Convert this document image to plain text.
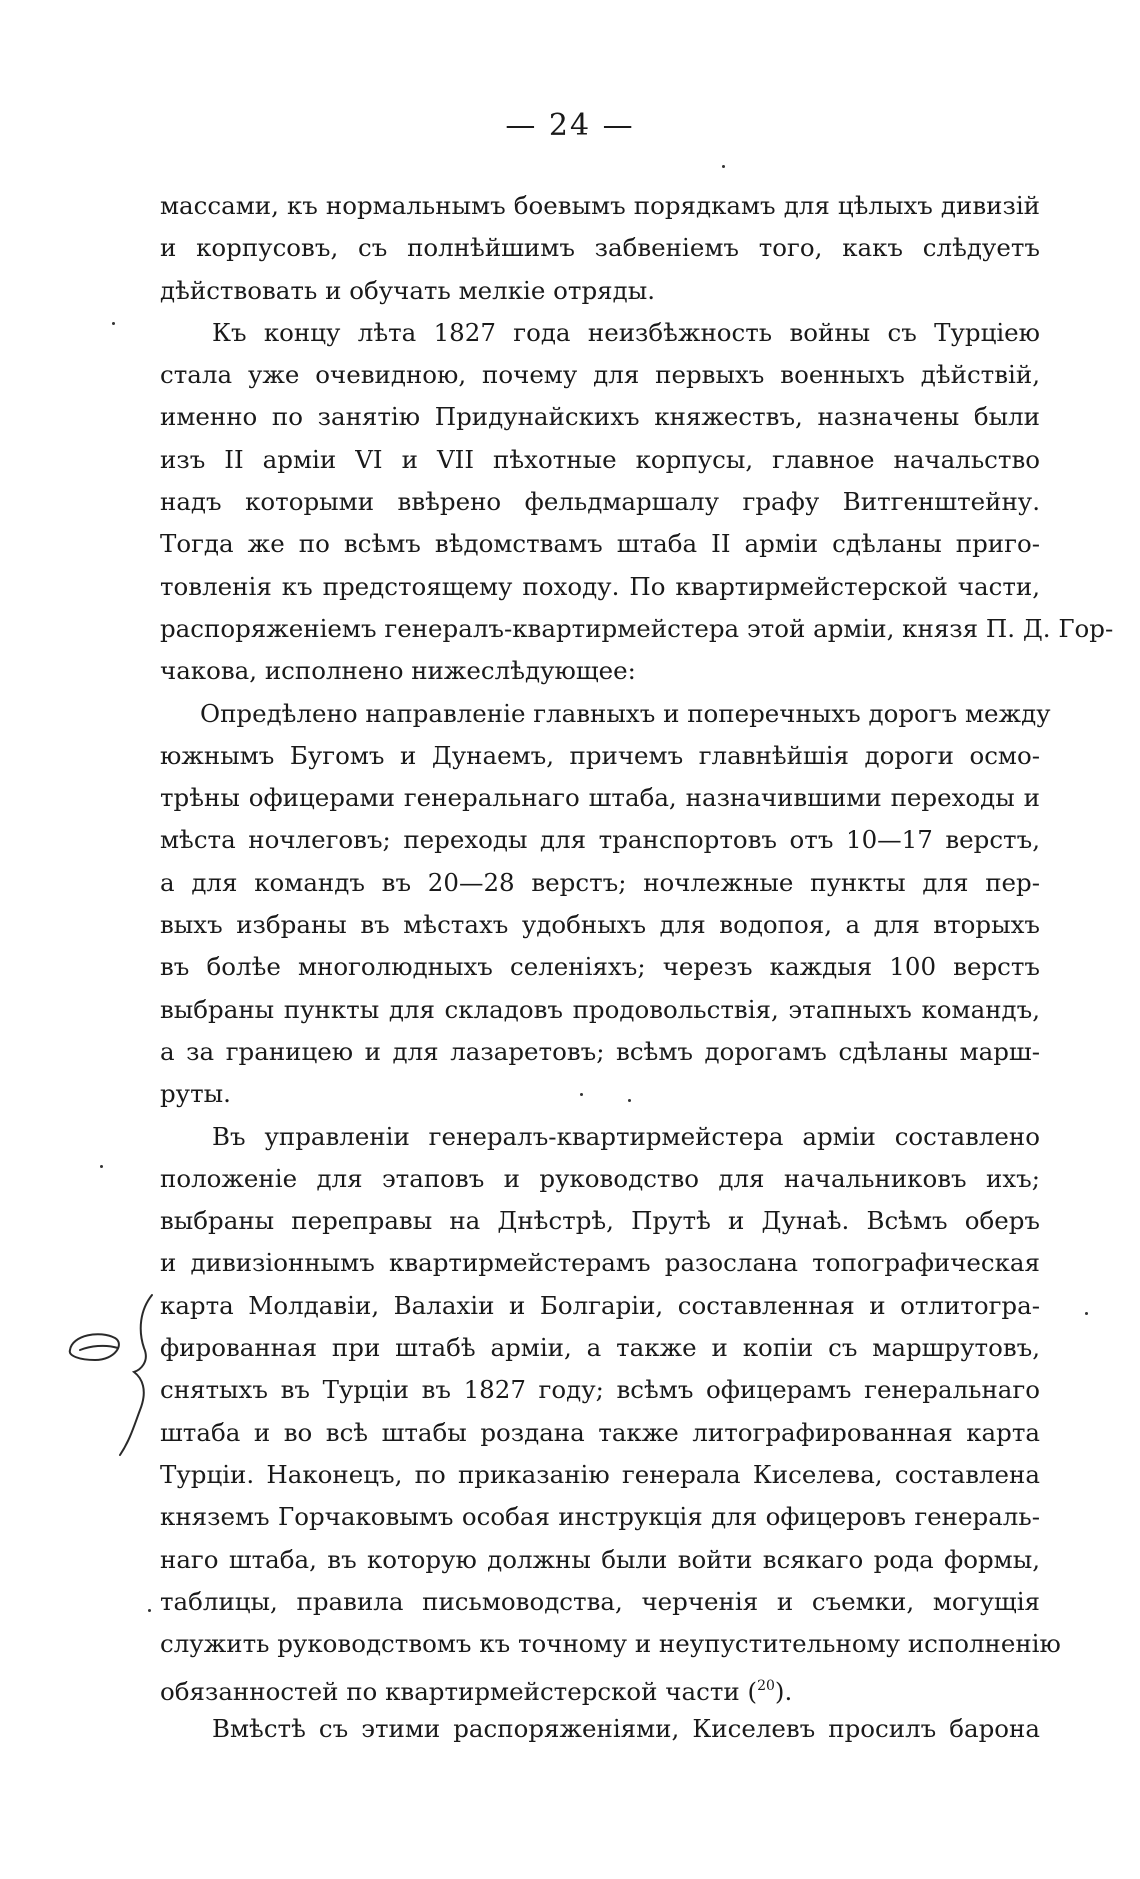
— 24 —
массами, къ нормальнымъ боевымъ порядкамъ для цѣлыхъ дивизій
и корпусовъ, съ полнѣйшимъ забвеніемъ того, какъ слѣдуетъ
дѣйствовать и обучать мелкіе отряды.
Къ концу лѣта 1827 года неизбѣжность войны съ Турціею
стала уже очевидною, почему для первыхъ военныхъ дѣйствій,
именно по занятію Придунайскихъ княжествъ, назначены были
изъ II арміи VI и VII пѣхотные корпусы, главное начальство
надъ которыми ввѣрено фельдмаршалу графу Витгенштейну.
Тогда же по всѣмъ вѣдомствамъ штаба II арміи сдѣланы приго-
товленія къ предстоящему походу. По квартирмейстерской части,
распоряженіемъ генералъ-квартирмейстера этой арміи, князя П. Д. Гор-
чакова, исполнено нижеслѣдующее:
Опредѣлено направленіе главныхъ и поперечныхъ дорогъ между
южнымъ Бугомъ и Дунаемъ, причемъ главнѣйшія дороги осмо-
трѣны офицерами генеральнаго штаба, назначившими переходы и
мѣста ночлеговъ; переходы для транспортовъ отъ 10—17 верстъ,
а для командъ въ 20—28 верстъ; ночлежные пункты для пер-
выхъ избраны въ мѣстахъ удобныхъ для водопоя, а для вторыхъ
въ болѣе многолюдныхъ селеніяхъ; черезъ каждыя 100 верстъ
выбраны пункты для складовъ продовольствія, этапныхъ командъ,
а за границею и для лазаретовъ; всѣмъ дорогамъ сдѣланы марш-
руты.
Въ управленіи генералъ-квартирмейстера арміи составлено
положеніе для этаповъ и руководство для начальниковъ ихъ;
выбраны переправы на Днѣстрѣ, Прутѣ и Дунаѣ. Всѣмъ оберъ
и дивизіоннымъ квартирмейстерамъ разослана топографическая
карта Молдавіи, Валахіи и Болгаріи, составленная и отлитогра-
фированная при штабѣ арміи, а также и копіи съ маршрутовъ,
снятыхъ въ Турціи въ 1827 году; всѣмъ офицерамъ генеральнаго
штаба и во всѣ штабы роздана также литографированная карта
Турціи. Наконецъ, по приказанію генерала Киселева, составлена
княземъ Горчаковымъ особая инструкція для офицеровъ генераль-
наго штаба, въ которую должны были войти всякаго рода формы,
таблицы, правила письмоводства, черченія и съемки, могущія
служить руководствомъ къ точному и неупустительному исполненію
обязанностей по квартирмейстерской части ($^{20}$).
Вмѣстѣ съ этими распоряженіями, Киселевъ просилъ барона
